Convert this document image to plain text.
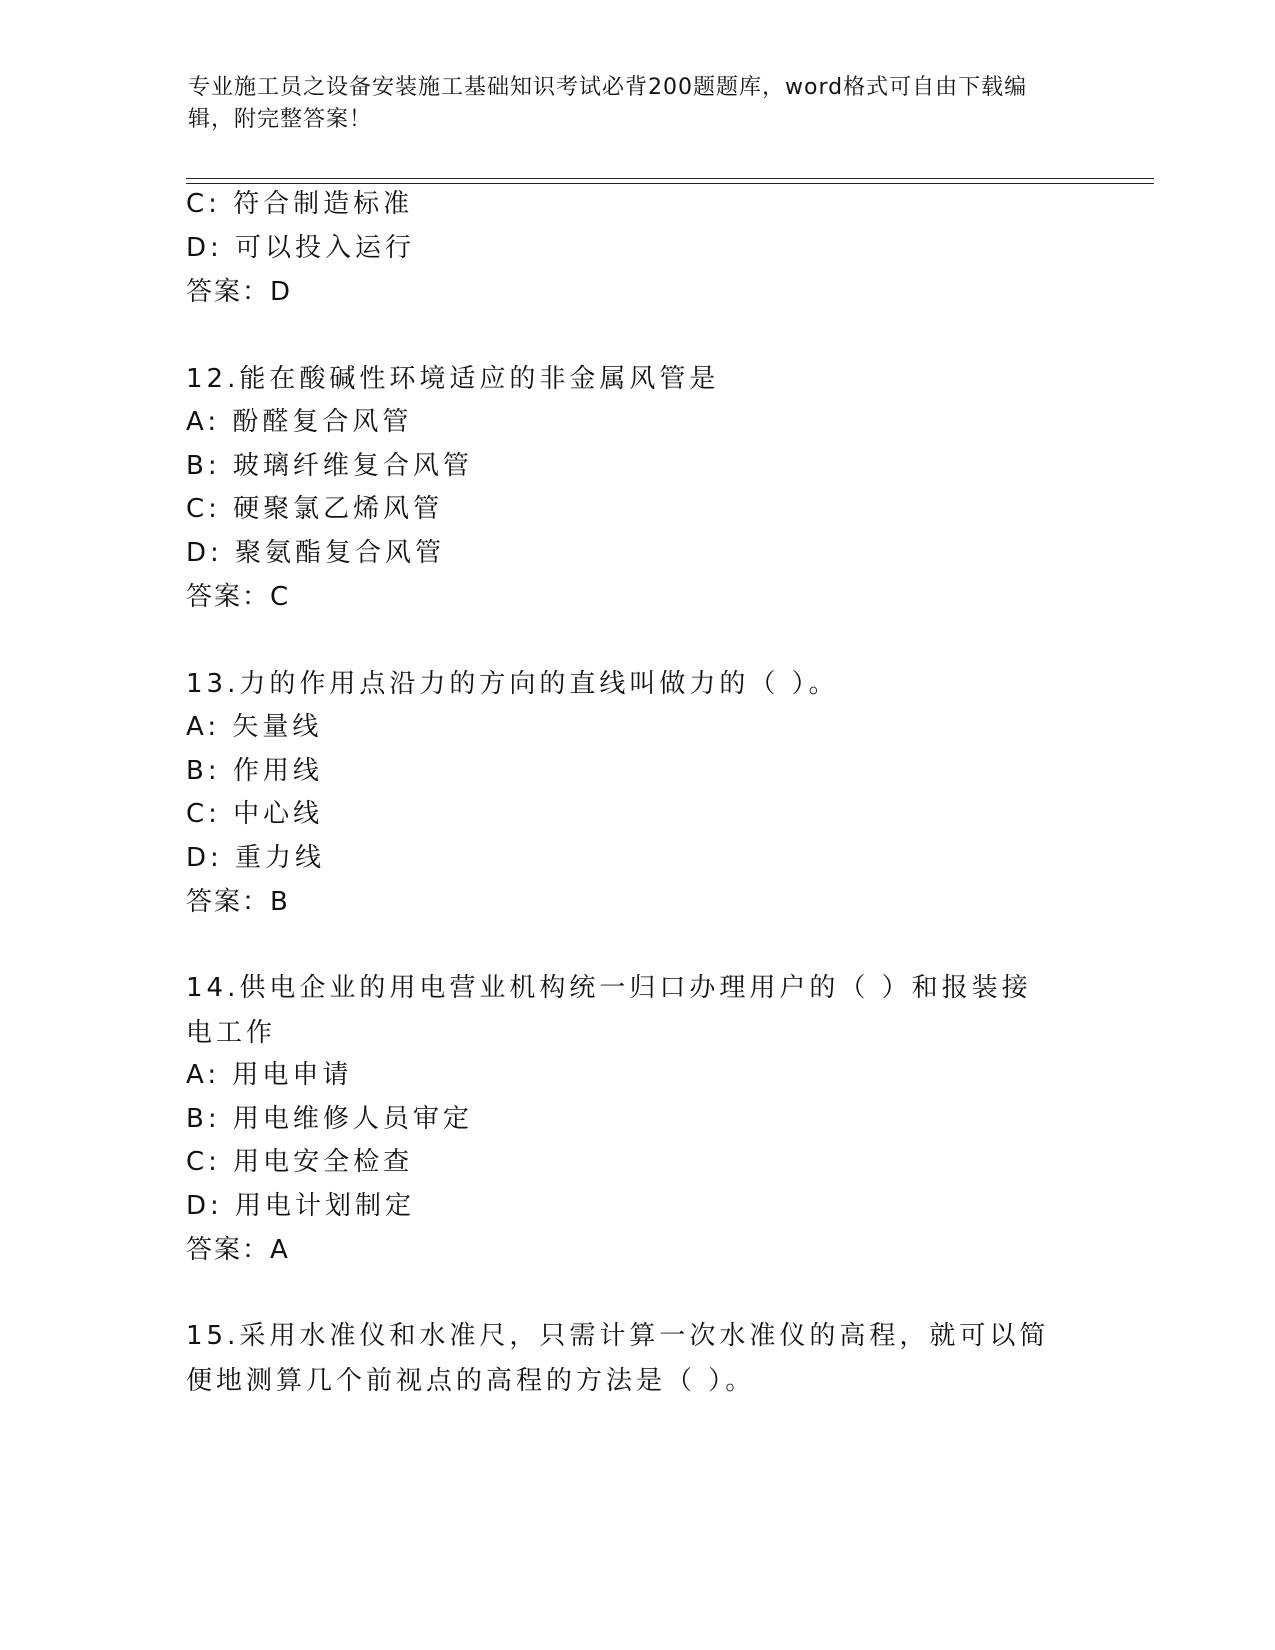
专业施工员之设备安装施工基础知识考试必背200题题库，word格式可自由下载编辑，附完整答案！
C: 符合制造标准
D: 可以投入运行
答案：D
12.能在酸碱性环境适应的非金属风管是
A: 酚醛复合风管
B: 玻璃纤维复合风管
C: 硬聚氯乙烯风管
D: 聚氨酯复合风管
答案：C
13.力的作用点沿力的方向的直线叫做力的（ ）。
A: 矢量线
B: 作用线
C: 中心线
D: 重力线
答案：B
14.供电企业的用电营业机构统一归口办理用户的（ ）和报装接电工作
A: 用电申请
B: 用电维修人员审定
C: 用电安全检查
D: 用电计划制定
答案：A
15.采用水准仪和水准尺，只需计算一次水准仪的高程，就可以简便地测算几个前视点的高程的方法是（ ）。
